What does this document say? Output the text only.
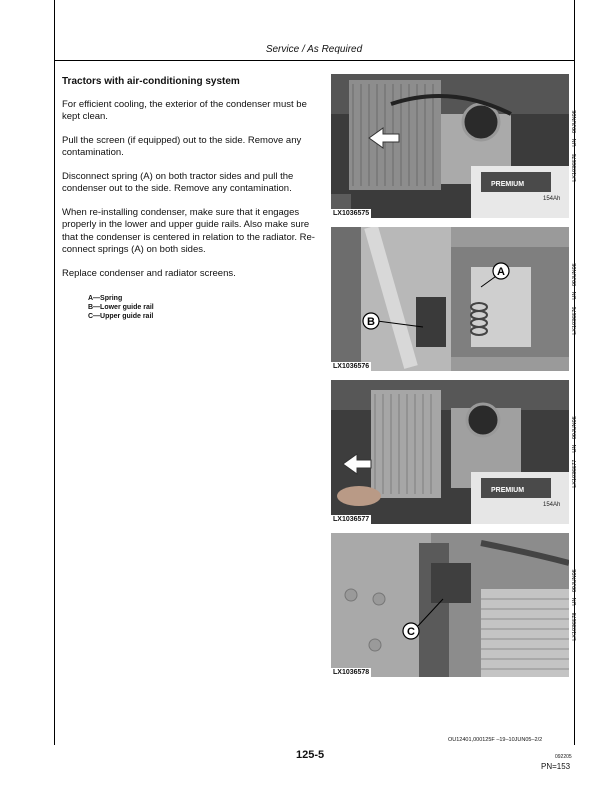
Service / As Required
Tractors with air-conditioning system

For efficient cooling, the exterior of the condenser must be kept clean.

Pull the screen (if equipped) out to the side. Remove any contamination.

Disconnect spring (A) on both tractor sides and pull the condenser out to the side. Remove any contamination.

When re-installing condenser, make sure that it engages properly in the lower and upper guide rails. Also make sure that the condenser is centered in relation to the radiator. Re-connect springs (A) on both sides.

Replace condenser and radiator screens.

A—Spring
B—Lower guide rail
C—Upper guide rail
PREMIUM
154Ah
LX1036575
LX1036575 —UN—09JUN05
A
B
LX1036576
LX1036576 —UN—09JUN05
PREMIUM
154Ah
LX1036577
LX1036577 —UN—09JUN05
C
LX1036578
LX1036578 —UN—09JUN05
OU12401,000125F –19–10JUN05–2/2
125-5	092205
PN=153
